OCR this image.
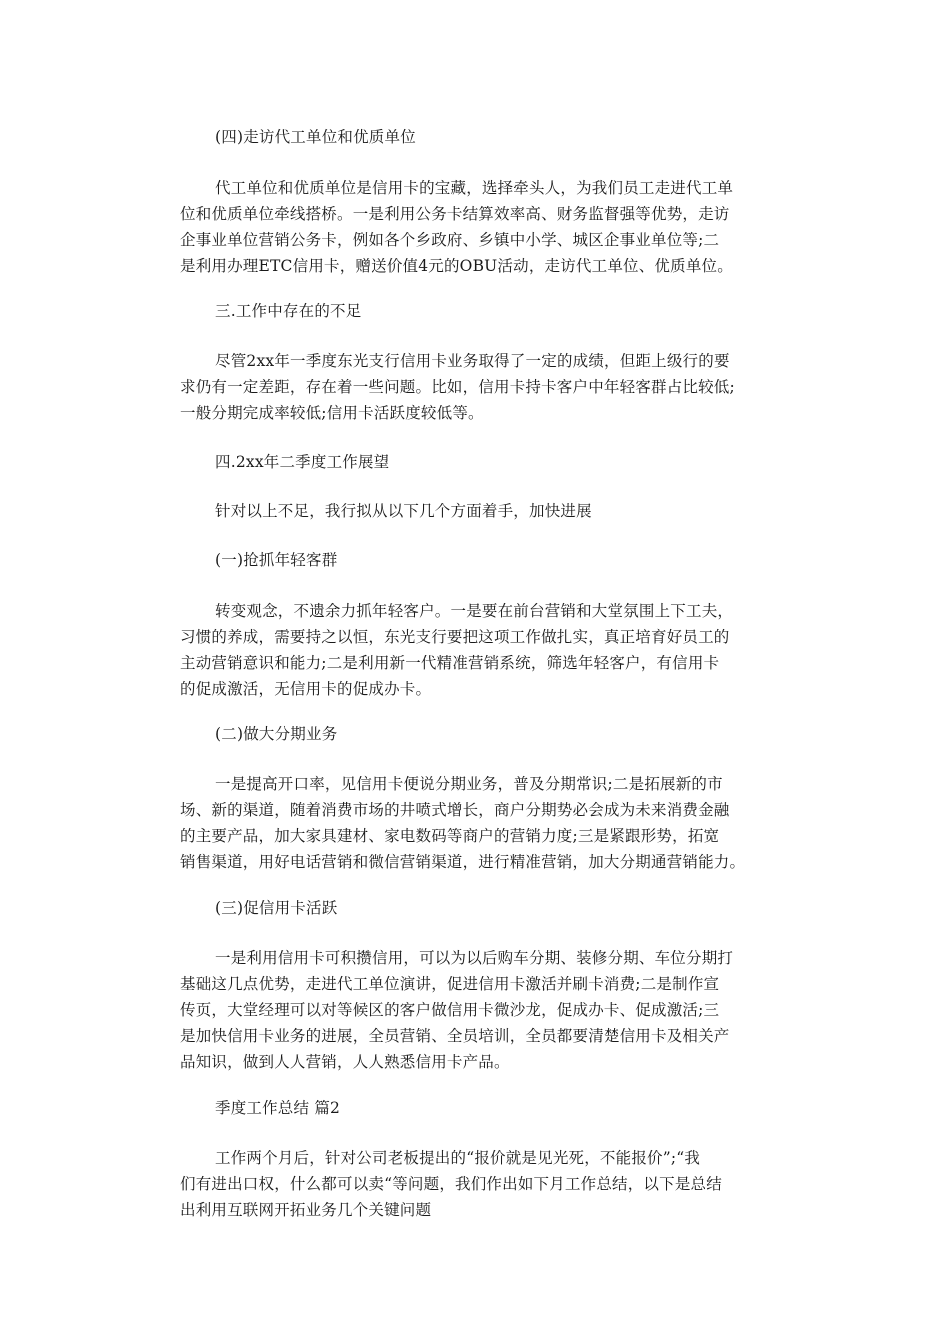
(四)走访代工单位和优质单位
代工单位和优质单位是信用卡的宝藏，选择牵头人，为我们员工走进代工单
位和优质单位牵线搭桥。一是利用公务卡结算效率高、财务监督强等优势，走访
企事业单位营销公务卡，例如各个乡政府、乡镇中小学、城区企事业单位等;二
是利用办理ETC信用卡，赠送价值4元的OBU活动，走访代工单位、优质单位。
三.工作中存在的不足
尽管2xx年一季度东光支行信用卡业务取得了一定的成绩，但距上级行的要
求仍有一定差距，存在着一些问题。比如，信用卡持卡客户中年轻客群占比较低;
一般分期完成率较低;信用卡活跃度较低等。
四.2xx年二季度工作展望
针对以上不足，我行拟从以下几个方面着手，加快进展
(一)抢抓年轻客群
转变观念，不遗余力抓年轻客户。一是要在前台营销和大堂氛围上下工夫，
习惯的养成，需要持之以恒，东光支行要把这项工作做扎实，真正培育好员工的
主动营销意识和能力;二是利用新一代精准营销系统，筛选年轻客户，有信用卡
的促成激活，无信用卡的促成办卡。
(二)做大分期业务
一是提高开口率，见信用卡便说分期业务，普及分期常识;二是拓展新的市
场、新的渠道，随着消费市场的井喷式增长，商户分期势必会成为未来消费金融
的主要产品，加大家具建材、家电数码等商户的营销力度;三是紧跟形势，拓宽
销售渠道，用好电话营销和微信营销渠道，进行精准营销，加大分期通营销能力。
(三)促信用卡活跃
一是利用信用卡可积攒信用，可以为以后购车分期、装修分期、车位分期打
基础这几点优势，走进代工单位演讲，促进信用卡激活并刷卡消费;二是制作宣
传页，大堂经理可以对等候区的客户做信用卡微沙龙，促成办卡、促成激活;三
是加快信用卡业务的进展，全员营销、全员培训，全员都要清楚信用卡及相关产
品知识，做到人人营销，人人熟悉信用卡产品。
季度工作总结 篇2
工作两个月后，针对公司老板提出的“报价就是见光死，不能报价”;“我
们有进出口权，什么都可以卖“等问题，我们作出如下月工作总结，以下是总结
出利用互联网开拓业务几个关键问题
